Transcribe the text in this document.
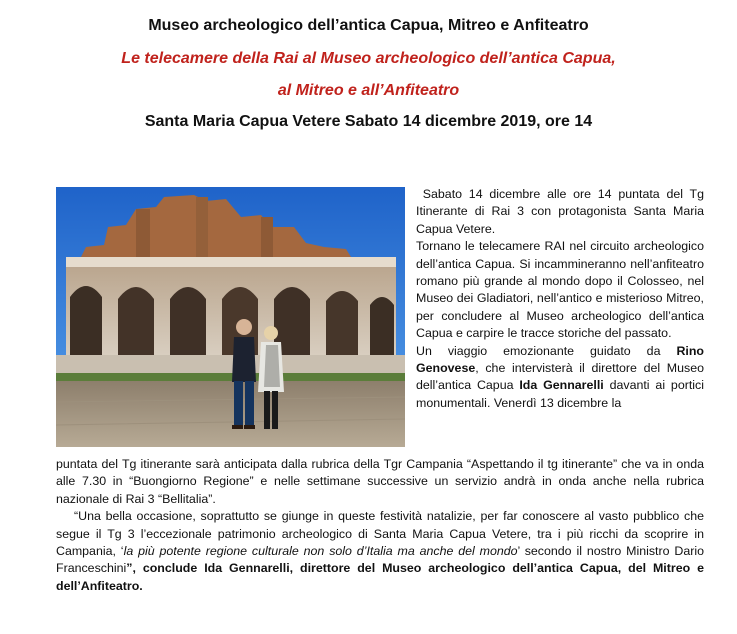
Museo archeologico dell’antica Capua, Mitreo e Anfiteatro
Le telecamere della Rai al Museo archeologico dell’antica Capua,
al Mitreo e all’Anfiteatro
Santa Maria Capua Vetere Sabato 14 dicembre 2019, ore 14

Sabato 14 dicembre alle ore 14 puntata del Tg Itinerante di Rai 3 con protagonista Santa Maria Capua Vetere.

Tornano le telecamere RAI nel circuito archeologico dell’antica Capua. Si incammineranno nell’anfiteatro romano più grande al mondo dopo il Colosseo, nel Museo dei Gladiatori, nell’antico e misterioso Mitreo, per concludere al Museo archeologico dell’antica Capua e carpire le tracce storiche del passato.

Un viaggio emozionante guidato da Rino Genovese, che intervisterà il direttore del Museo dell’antica Capua Ida Gennarelli davanti ai portici monumentali. Venerdì 13 dicembre la

puntata del Tg itinerante sarà anticipata dalla rubrica della Tgr Campania “Aspettando il tg itinerante” che va in onda alle 7.30 in “Buongiorno Regione” e nelle settimane successive un servizio andrà in onda anche nella rubrica nazionale di Rai 3 “Bellitalia”.

“Una bella occasione, soprattutto se giunge in queste festività natalizie, per far conoscere al vasto pubblico che segue il Tg 3 l’eccezionale patrimonio archeologico di Santa Maria Capua Vetere, tra i più ricchi da scoprire in Campania, ‘la più potente regione culturale non solo d’Italia ma anche del mondo’ secondo il nostro Ministro Dario Franceschini”, conclude Ida Gennarelli, direttore del Museo archeologico dell’antica Capua, del Mitreo e dell’Anfiteatro.
